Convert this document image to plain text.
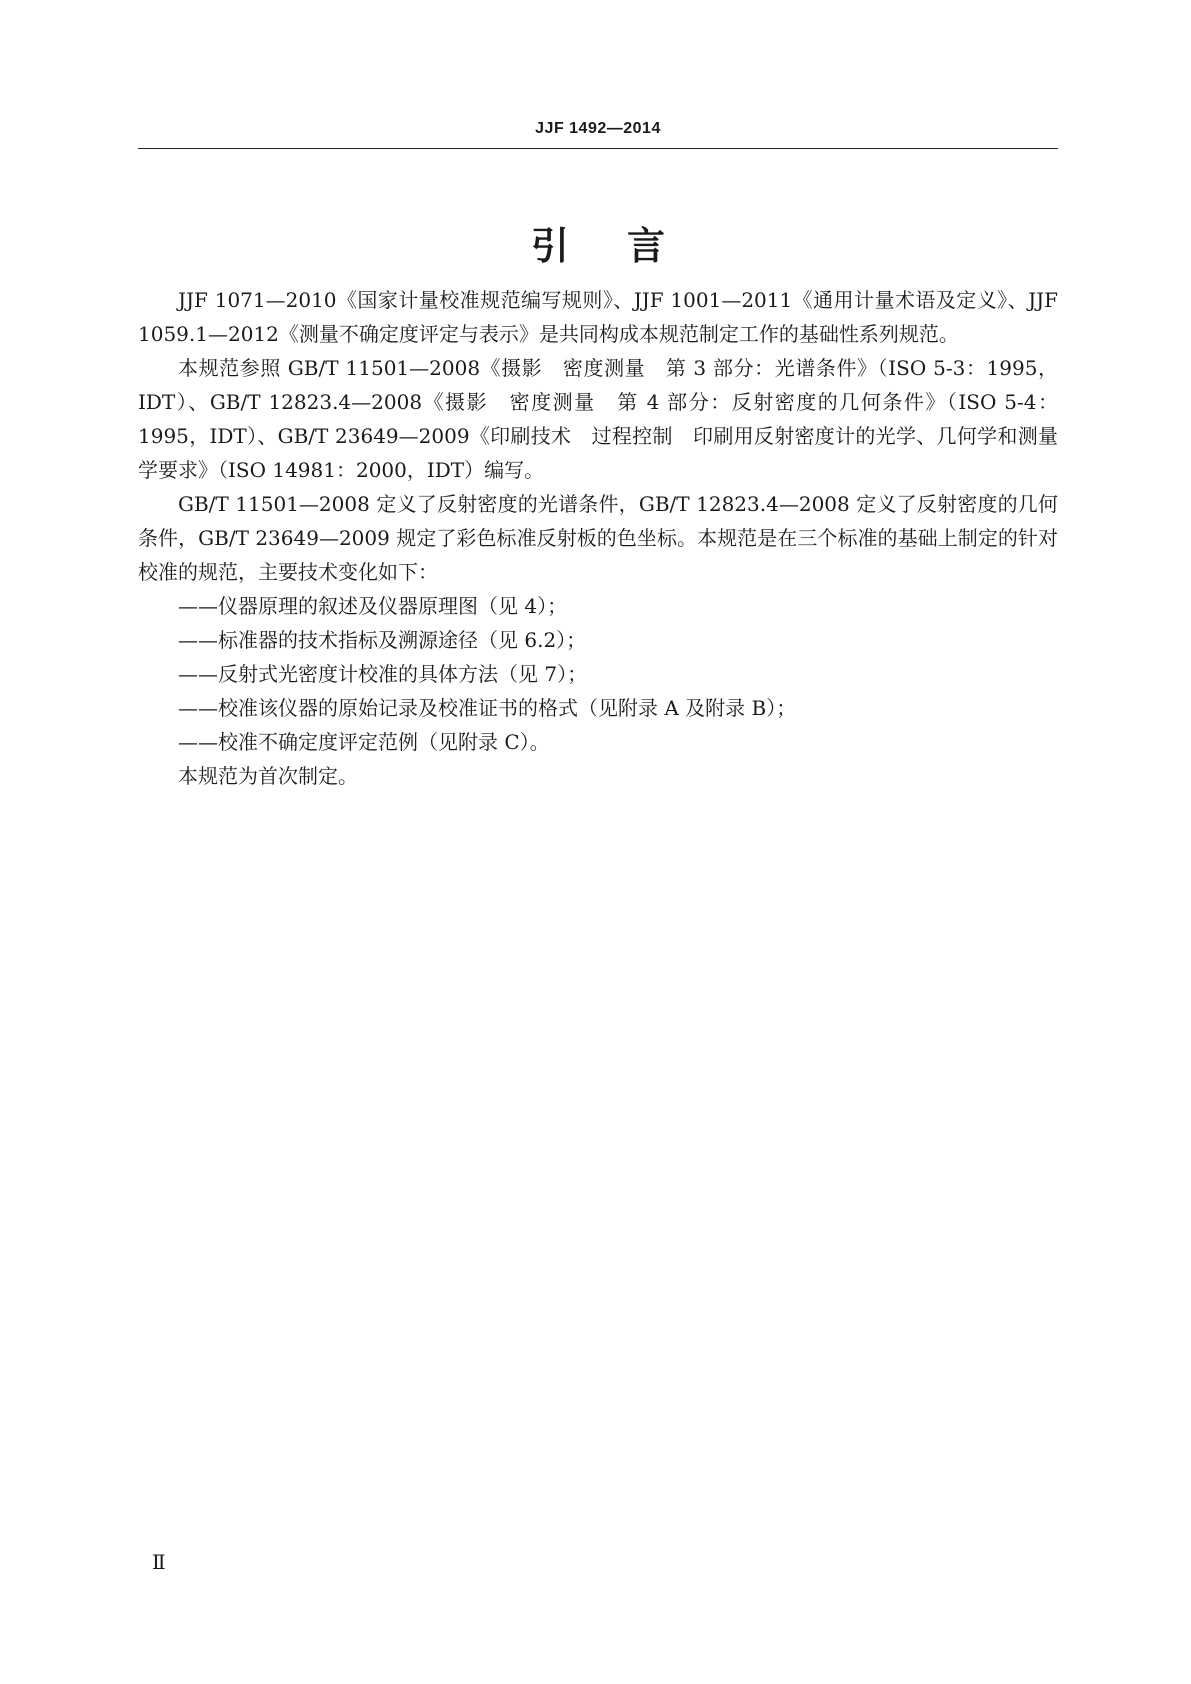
JJF 1492—2014
引言

JJF 1071—2010《国家计量校准规范编写规则》、JJF 1001—2011《通用计量术语及定义》、JJF 1059.1—2012《测量不确定度评定与表示》是共同构成本规范制定工作的基础性系列规范。

本规范参照 GB/T 11501—2008《摄影　密度测量　第 3 部分：光谱条件》（ISO 5-3：1995，IDT）、GB/T 12823.4—2008《摄影　密度测量　第 4 部分：反射密度的几何条件》（ISO 5-4：1995，IDT）、GB/T 23649—2009《印刷技术　过程控制　印刷用反射密度计的光学、几何学和测量学要求》（ISO 14981：2000，IDT）编写。

GB/T 11501—2008 定义了反射密度的光谱条件，GB/T 12823.4—2008 定义了反射密度的几何条件，GB/T 23649—2009 规定了彩色标准反射板的色坐标。本规范是在三个标准的基础上制定的针对校准的规范，主要技术变化如下：

——仪器原理的叙述及仪器原理图（见 4）；
——标准器的技术指标及溯源途径（见 6.2）；
——反射式光密度计校准的具体方法（见 7）；
——校准该仪器的原始记录及校准证书的格式（见附录 A 及附录 B）；
——校准不确定度评定范例（见附录 C）。

本规范为首次制定。

Ⅱ
